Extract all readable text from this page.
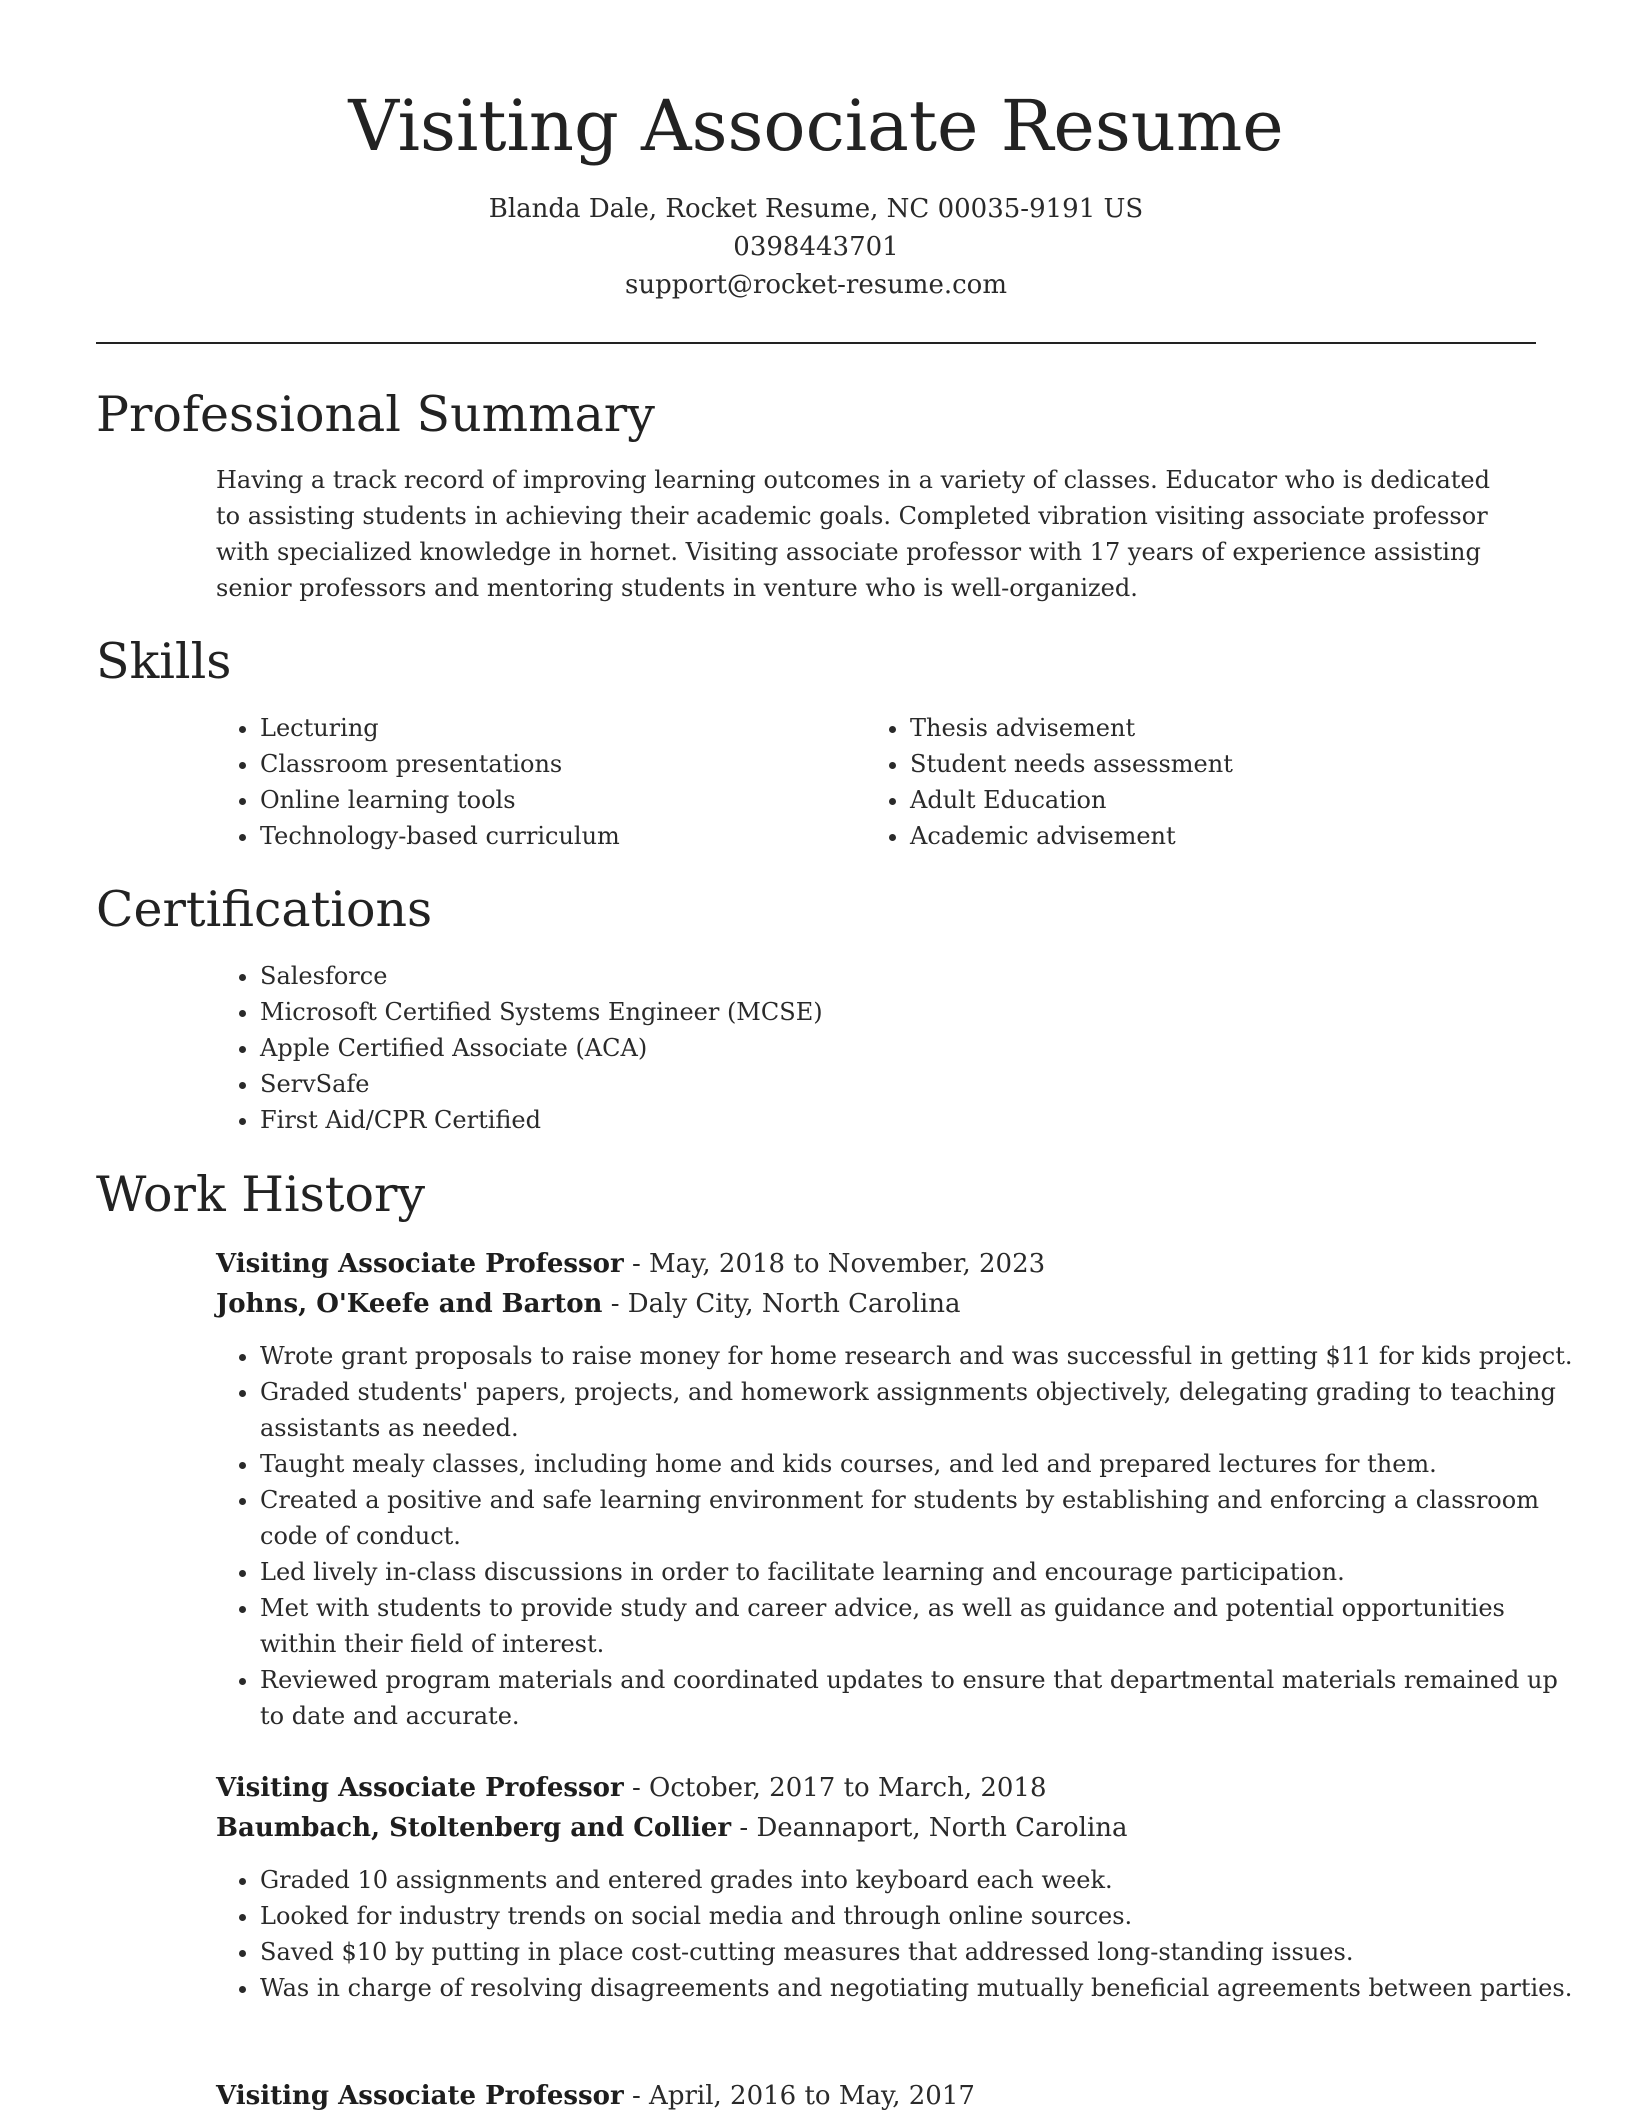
Visiting Associate Resume
Blanda Dale, Rocket Resume, NC 00035-9191 US
0398443701
support@rocket-resume.com
Professional Summary

Having a track record of improving learning outcomes in a variety of classes. Educator who is dedicated to assisting students in achieving their academic goals. Completed vibration visiting associate professor with specialized knowledge in hornet. Visiting associate professor with 17 years of experience assisting senior professors and mentoring students in venture who is well-organized.

Skills
• Lecturing
• Classroom presentations
• Online learning tools
• Technology-based curriculum
• Thesis advisement
• Student needs assessment
• Adult Education
• Academic advisement
Certifications
• Salesforce
• Microsoft Certified Systems Engineer (MCSE)
• Apple Certified Associate (ACA)
• ServSafe
• First Aid/CPR Certified
Work History
Visiting Associate Professor - May, 2018 to November, 2023
Johns, O'Keefe and Barton - Daly City, North Carolina
• Wrote grant proposals to raise money for home research and was successful in getting $11 for kids project.
• Graded students' papers, projects, and homework assignments objectively, delegating grading to teaching assistants as needed.
• Taught mealy classes, including home and kids courses, and led and prepared lectures for them.
• Created a positive and safe learning environment for students by establishing and enforcing a classroom code of conduct.
• Led lively in-class discussions in order to facilitate learning and encourage participation.
• Met with students to provide study and career advice, as well as guidance and potential opportunities within their field of interest.
• Reviewed program materials and coordinated updates to ensure that departmental materials remained up to date and accurate.
Visiting Associate Professor - October, 2017 to March, 2018
Baumbach, Stoltenberg and Collier - Deannaport, North Carolina
• Graded 10 assignments and entered grades into keyboard each week.
• Looked for industry trends on social media and through online sources.
• Saved $10 by putting in place cost-cutting measures that addressed long-standing issues.
• Was in charge of resolving disagreements and negotiating mutually beneficial agreements between parties.
Visiting Associate Professor - April, 2016 to May, 2017
